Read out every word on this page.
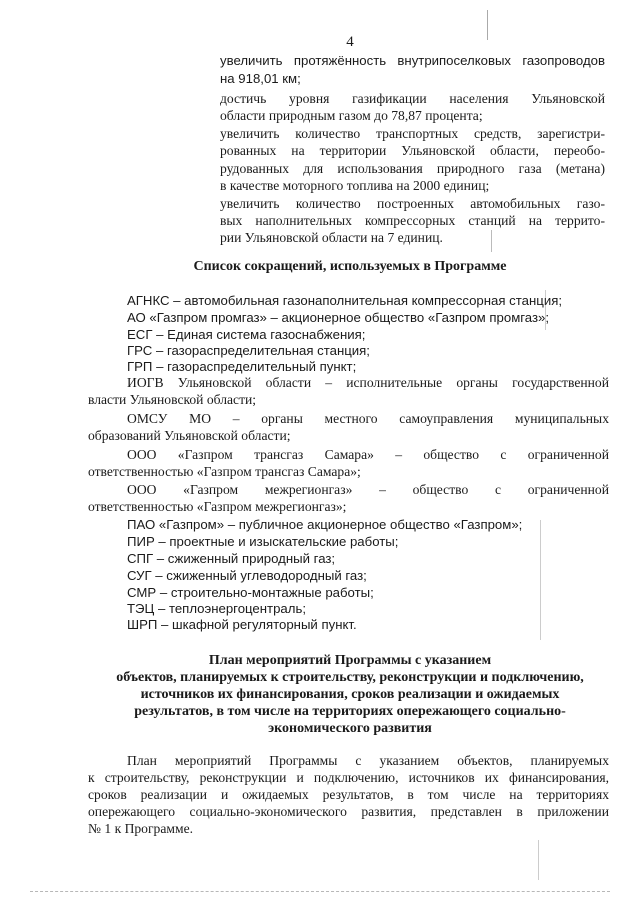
4
увеличить протяжённость внутрипоселковых газопроводов
на 918,01 км;
достичь уровня газификации населения Ульяновской
области природным газом до 78,87 процента;
увеличить количество транспортных средств, зарегистри-
рованных на территории Ульяновской области, переобо-
рудованных для использования природного газа (метана)
в качестве моторного топлива на 2000 единиц;
увеличить количество построенных автомобильных газо-
вых наполнительных компрессорных станций на террито-
рии Ульяновской области на 7 единиц.
Список сокращений, используемых в Программе
АГНКС – автомобильная газонаполнительная компрессорная станция;
АО «Газпром промгаз» – акционерное общество «Газпром промгаз»;
ЕСГ – Единая система газоснабжения;
ГРС – газораспределительная станция;
ГРП – газораспределительный пункт;
ИОГВ Ульяновской области – исполнительные органы государственной
власти Ульяновской области;
ОМСУ МО – органы местного самоуправления муниципальных
образований Ульяновской области;
ООО «Газпром трансгаз Самара» – общество с ограниченной
ответственностью «Газпром трансгаз Самара»;
ООО «Газпром межрегионгаз» – общество с ограниченной
ответственностью «Газпром межрегионгаз»;
ПАО «Газпром» – публичное акционерное общество «Газпром»;
ПИР – проектные и изыскательские работы;
СПГ – сжиженный природный газ;
СУГ – сжиженный углеводородный газ;
СМР – строительно-монтажные работы;
ТЭЦ – теплоэнергоцентраль;
ШРП – шкафной регуляторный пункт.
План мероприятий Программы с указанием
объектов, планируемых к строительству, реконструкции и подключению,
источников их финансирования, сроков реализации и ожидаемых
результатов, в том числе на территориях опережающего социально-
экономического развития
План мероприятий Программы с указанием объектов, планируемых
к строительству, реконструкции и подключению, источников их финансирования,
сроков реализации и ожидаемых результатов, в том числе на территориях
опережающего социально-экономического развития, представлен в приложении
№ 1 к Программе.
